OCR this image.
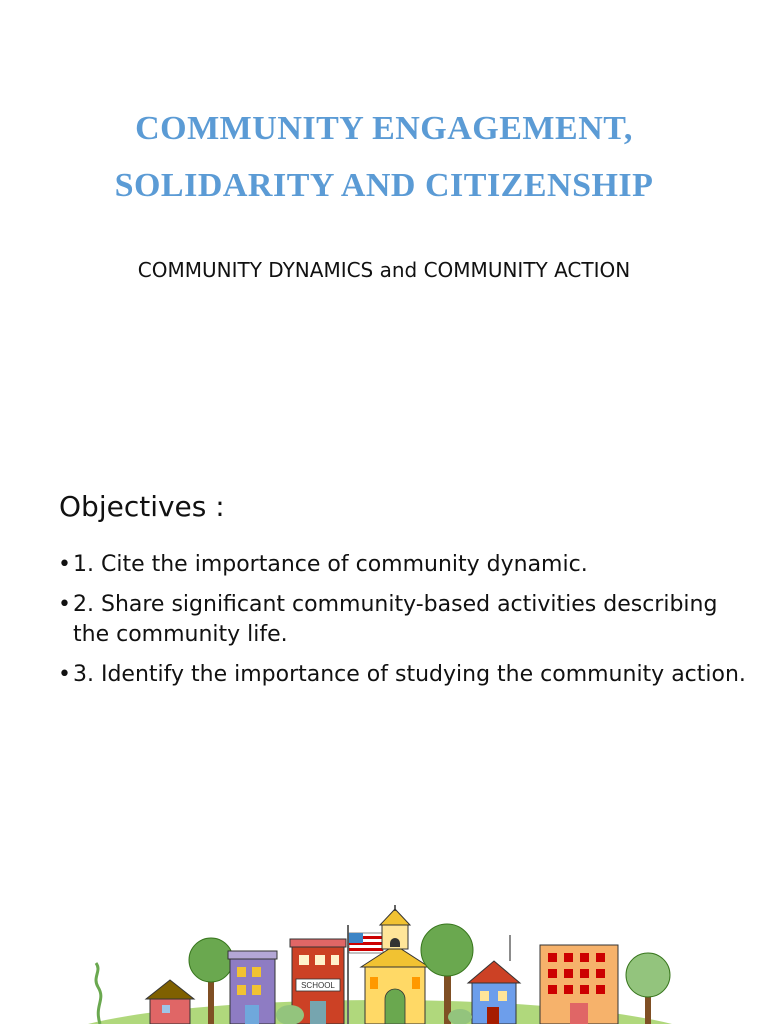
COMMUNITY ENGAGEMENT,
SOLIDARITY AND CITIZENSHIP
COMMUNITY DYNAMICS and COMMUNITY ACTION
Objectives :
• 1. Cite the importance of community dynamic.
• 2. Share significant community-based activities describing the community life.
• 3. Identify the importance of studying the community action.
SCHOOL
